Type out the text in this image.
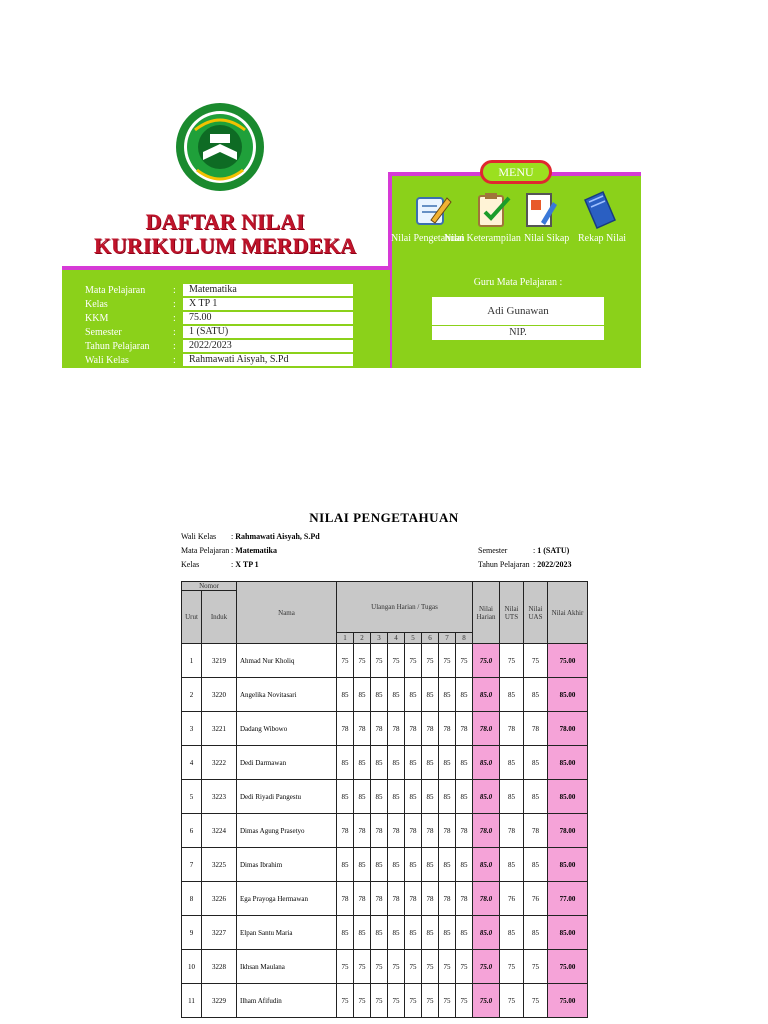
DAFTAR NILAI
KURIKULUM MERDEKA
MENU
Nilai Pengetahuan
Nilai Keterampilan Nilai Sikap Rekap Nilai
Mata Pelajaran	:	Matematika
Kelas	:	X TP 1
KKM	:	75.00
Semester	:	1 (SATU)
Tahun Pelajaran	:	2022/2023
Wali Kelas	:	Rahmawati Aisyah, S.Pd
Guru Mata Pelajaran :
Adi Gunawan
NIP.
NILAI PENGETAHUAN
Wali Kelas : Rahmawati Aisyah, S.Pd
Mata Pelajaran : Matematika
Kelas	: X TP 1
Semester	: 1 (SATU)
Tahun Pelajaran : 2022/2023
Nomor		Nama	Ulangan Harian / Tugas								Nilai Harian	Nilai UTS	Nilai UAS	Nilai Akhir
Urut	Induk													
			1	2	3	4	5	6	7	8				
1	3219	Ahmad Nur Kholiq	75	75	75	75	75	75	75	75	75.0	75	75	75.00
2	3220	Angelika Novitasari	85	85	85	85	85	85	85	85	85.0	85	85	85.00
3	3221	Dadang Wibowo	78	78	78	78	78	78	78	78	78.0	78	78	78.00
4	3222	Dedi Darmawan	85	85	85	85	85	85	85	85	85.0	85	85	85.00
5	3223	Dedi Riyadi Pangestu	85	85	85	85	85	85	85	85	85.0	85	85	85.00
6	3224	Dimas Agung Prasetyo	78	78	78	78	78	78	78	78	78.0	78	78	78.00
7	3225	Dimas Ibrahim	85	85	85	85	85	85	85	85	85.0	85	85	85.00
8	3226	Ega Prayoga Hermawan	78	78	78	78	78	78	78	78	78.0	76	76	77.00
9	3227	Elpan Santu Maria	85	85	85	85	85	85	85	85	85.0	85	85	85.00
10	3228	Ikhsan Maulana	75	75	75	75	75	75	75	75	75.0	75	75	75.00
11	3229	Ilham Afifudin	75	75	75	75	75	75	75	75	75.0	75	75	75.00
